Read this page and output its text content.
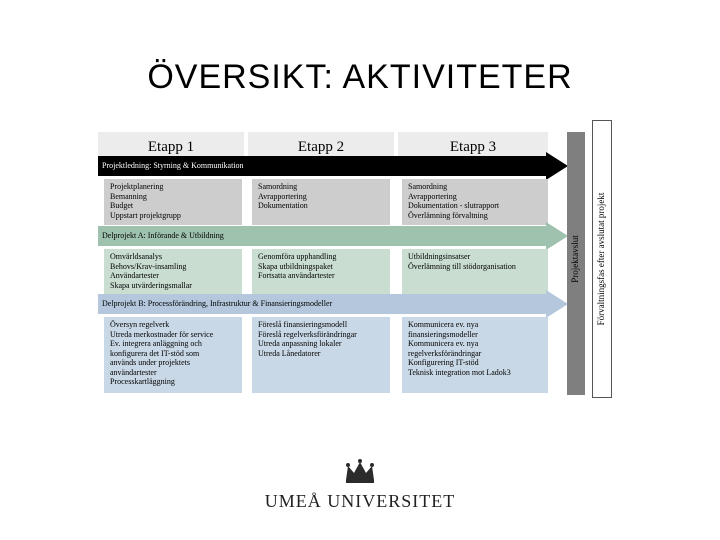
ÖVERSIKT: AKTIVITETER
Etapp 1	Etapp 2	Etapp 3
Projektledning: Styrning & Kommunikation
Projektplanering
Bemanning
Budget
Uppstart projektgrupp
Samordning
Avrapportering
Dokumentation
Samordning
Avrapportering
Dokumentation - slutrapport
Överlämning förvaltning
Delprojekt A: Införande & Utbildning
Omvärldsanalys
Behovs/Krav-insamling
Användartester
Skapa utvärderingsmallar
Genomföra upphandling
Skapa utbildningspaket
Fortsatta användartester
Utbildningsinsatser
Överlämning till stödorganisation
Delprojekt B: Processförändring, Infrastruktur & Finansieringsmodeller
Översyn regelverk
Utreda merkostnader för service
Ev. integrera anläggning och
konfigurera det IT-stöd som
används under projektets
användartester
Processkartläggning
Föreslå finansieringsmodell
Föreslå regelverksförändringar
Utreda anpassning lokaler
Utreda Lånedatorer
Kommunicera ev. nya
finansieringsmodeller
Kommunicera ev. nya
regelverksförändringar
Konfigurering IT-stöd
Teknisk integration mot Ladok3
Projektavslut Förvaltningsfas efter avslutat projekt
UMEÅ UNIVERSITET
